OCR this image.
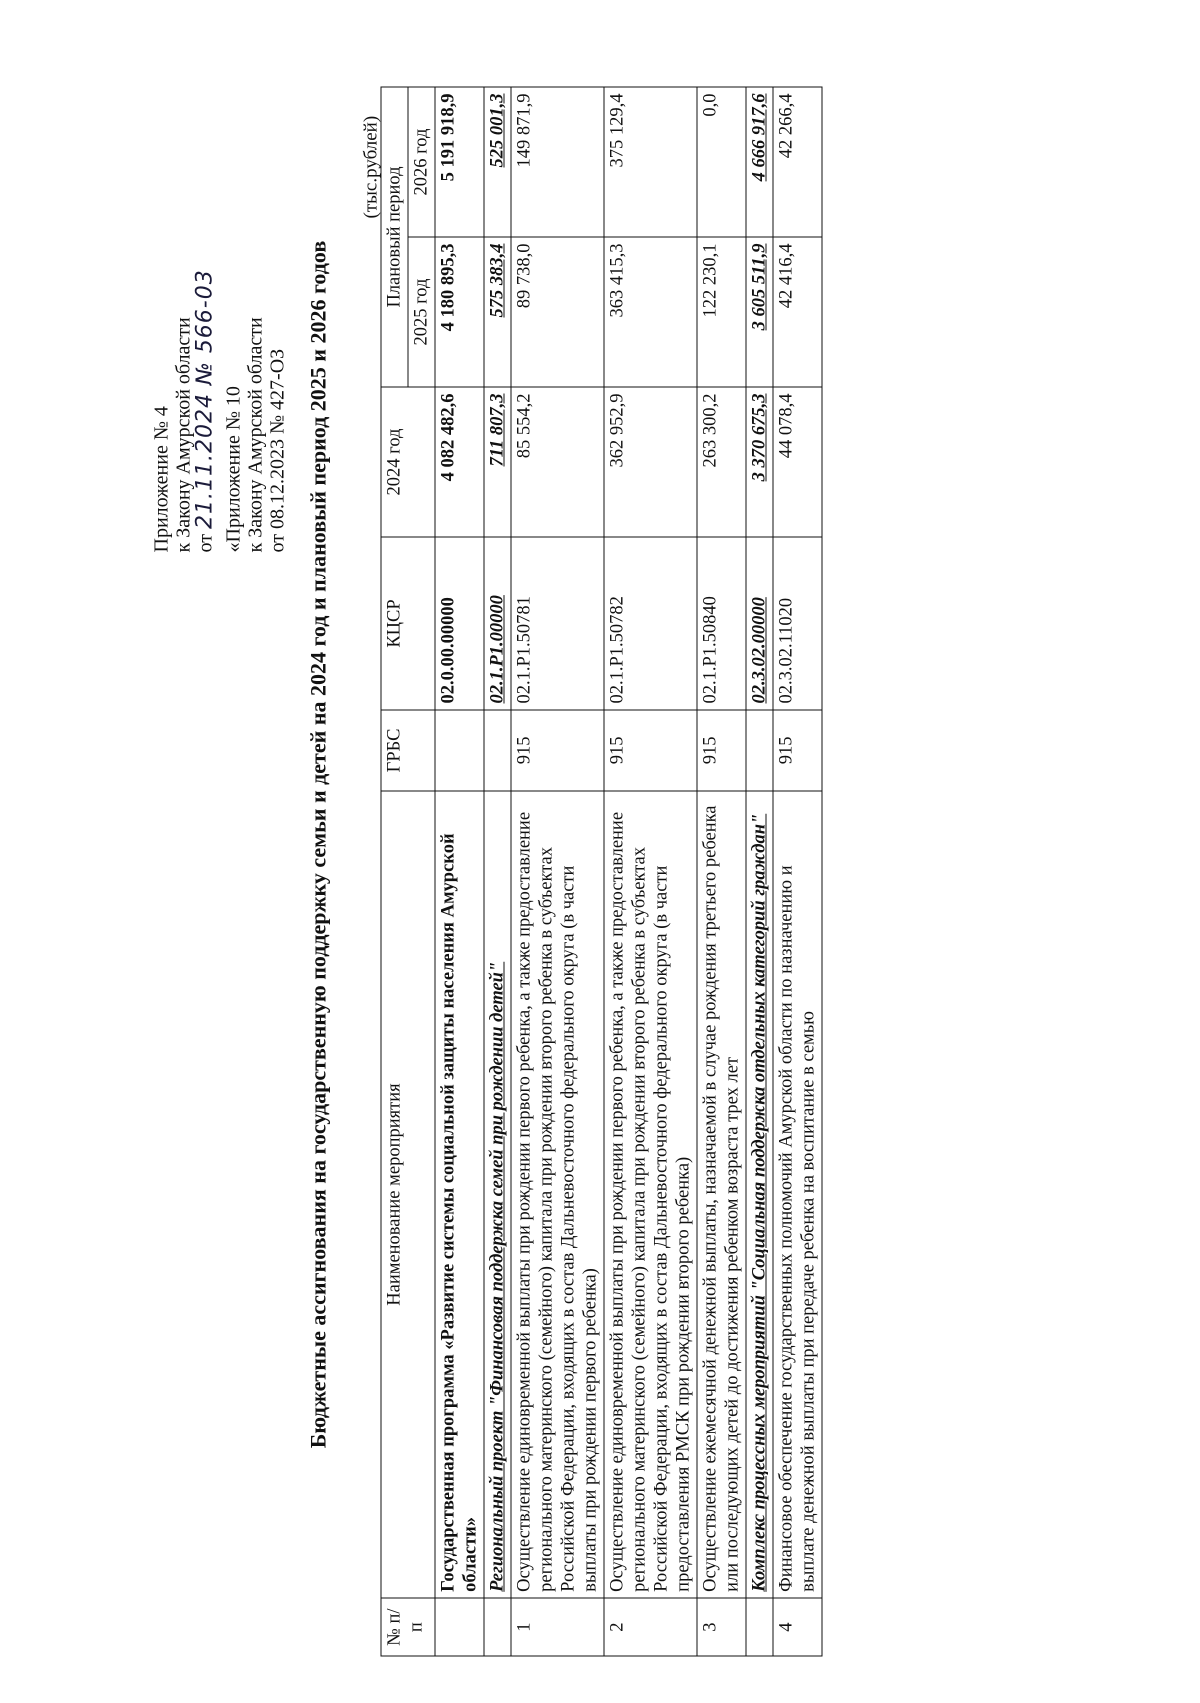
Приложение № 4 к Закону Амурской области от 21.11.2024 № 566-03 «Приложение № 10 к Закону Амурской области от 08.12.2023 № 427-ОЗ Бюджетные ассигнования на государственную поддержку семьи и детей на 2024 год и плановый период 2025 и 2026 годов
(тыс.рублей)
№ п/п	Наименование мероприятия	ГРБС	КЦСР	2024 год	Плановый период	
					2025 год	2026 год
	Государственная программа «Развитие системы социальной защиты населения Амурской области»		02.0.00.00000	4 082 482,6	4 180 895,3	5 191 918,9
	Региональный проект "Финансовая поддержка семей при рождении детей"		02.1.Р1.00000	711 807,3	575 383,4	525 001,3
1	Осуществление единовременной выплаты при рождении первого ребенка, а также предоставление регионального материнского (семейного) капитала при рождении второго ребенка в субъектах Российской Федерации, входящих в состав Дальневосточного федерального округа (в части выплаты при рождении первого ребенка)	915	02.1.Р1.50781	85 554,2	89 738,0	149 871,9
2	Осуществление единовременной выплаты при рождении первого ребенка, а также предоставление регионального материнского (семейного) капитала при рождении второго ребенка в субъектах Российской Федерации, входящих в состав Дальневосточного федерального округа (в части предоставления РМСК при рождении второго ребенка)	915	02.1.Р1.50782	362 952,9	363 415,3	375 129,4
3	Осуществление ежемесячной денежной выплаты, назначаемой в случае рождения третьего ребенка или последующих детей до достижения ребенком возраста трех лет	915	02.1.Р1.50840	263 300,2	122 230,1	0,0
	Комплекс процессных мероприятий "Социальная поддержка отдельных категорий граждан"		02.3.02.00000	3 370 675,3	3 605 511,9	4 666 917,6
4	Финансовое обеспечение государственных полномочий Амурской области по назначению и выплате денежной выплаты при передаче ребенка на воспитание в семью	915	02.3.02.11020	44 078,4	42 416,4	42 266,4
